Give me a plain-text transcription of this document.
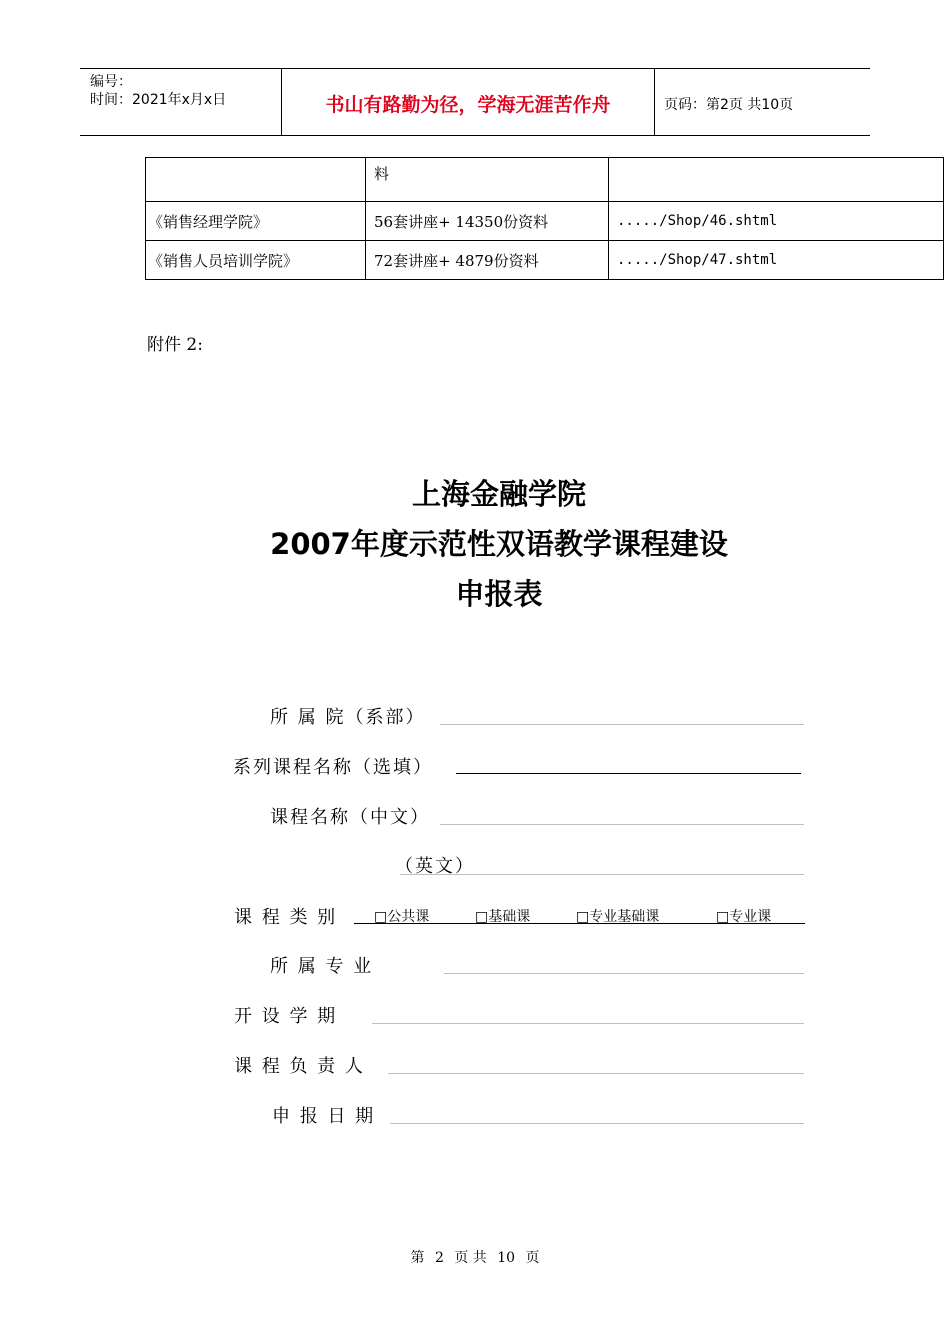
编号：
时间：2021年x月x日	书山有路勤为径，学海无涯苦作舟	页码：第2页 共10页
	料	
《销售经理学院》	56套讲座+ 14350份资料	...../Shop/46.shtml
《销售人员培训学院》	72套讲座+ 4879份资料	...../Shop/47.shtml
附件 2:
上海金融学院
2007年度示范性双语教学课程建设
申报表
所 属 院（系部）
系列课程名称（选填）
课程名称（中文）
（英文）
课 程 类 别	□公共课	□基础课	□专业基础课	□专业课
所 属 专 业
开 设 学 期
课 程 负 责 人
申 报 日 期
第 2 页 共 10 页
